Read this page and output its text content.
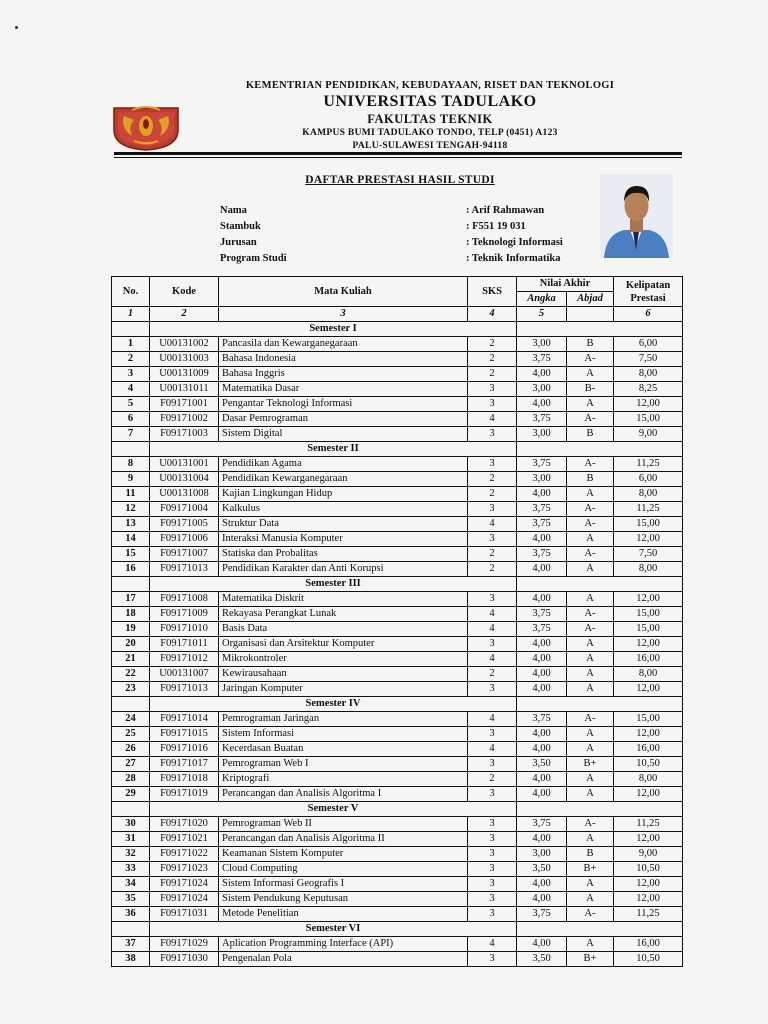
KEMENTRIAN PENDIDIKAN, KEBUDAYAAN, RISET DAN TEKNOLOGI
UNIVERSITAS TADULAKO
FAKULTAS TEKNIK
KAMPUS BUMI TADULAKO TONDO, TELP (0451) A123
PALU-SULAWESI TENGAH-94118
DAFTAR PRESTASI HASIL STUDI
Nama	: Arif Rahmawan
Stambuk	: F551 19 031
Jurusan	: Teknologi Informasi
Program Studi	: Teknik Informatika
No.	Kode	Mata Kuliah	SKS	Nilai Akhir		Kelipatan
Prestasi

				Angka	Abjad	
1	2	3	4	5		6
	Semester I					
1	U00131002	Pancasila dan Kewarganegaraan	2	3,00	B	6,00
2	U00131003	Bahasa Indonesia	2	3,75	A-	7,50
3	U00131009	Bahasa Inggris	2	4,00	A	8,00
4	U00131011	Matematika Dasar	3	3,00	B-	8,25
5	F09171001	Pengantar Teknologi Informasi	3	4,00	A	12,00
6	F09171002	Dasar Pemrograman	4	3,75	A-	15,00
7	F09171003	Sistem Digital	3	3,00	B	9,00
	Semester II					
8	U00131001	Pendidikan Agama	3	3,75	A-	11,25
9	U00131004	Pendidikan Kewarganegaraan	2	3,00	B	6,00
11	U00131008	Kajian Lingkungan Hidup	2	4,00	A	8,00
12	F09171004	Kalkulus	3	3,75	A-	11,25
13	F09171005	Struktur Data	4	3,75	A-	15,00
14	F09171006	Interaksi Manusia Komputer	3	4,00	A	12,00
15	F09171007	Statiska dan Probalitas	2	3,75	A-	7,50
16	F09171013	Pendidikan Karakter dan Anti Korupsi	2	4,00	A	8,00
	Semester III					
17	F09171008	Matematika Diskrit	3	4,00	A	12,00
18	F09171009	Rekayasa Perangkat Lunak	4	3,75	A-	15,00
19	F09171010	Basis Data	4	3,75	A-	15,00
20	F09171011	Organisasi dan Arsitektur Komputer	3	4,00	A	12,00
21	F09171012	Mikrokontroler	4	4,00	A	16,00
22	U00131007	Kewirausahaan	2	4,00	A	8,00
23	F09171013	Jaringan Komputer	3	4,00	A	12,00
	Semester IV					
24	F09171014	Pemrograman Jaringan	4	3,75	A-	15,00
25	F09171015	Sistem Informasi	3	4,00	A	12,00
26	F09171016	Kecerdasan Buatan	4	4,00	A	16,00
27	F09171017	Pemrograman Web I	3	3,50	B+	10,50
28	F09171018	Kriptografi	2	4,00	A	8,00
29	F09171019	Perancangan dan Analisis Algoritma I	3	4,00	A	12,00
	Semester V					
30	F09171020	Pemrograman Web II	3	3,75	A-	11,25
31	F09171021	Perancangan dan Analisis Algoritma II	3	4,00	A	12,00
32	F09171022	Keamanan Sistem Komputer	3	3,00	B	9,00
33	F09171023	Cloud Computing	3	3,50	B+	10,50
34	F09171024	Sistem Informasi Geografis I	3	4,00	A	12,00
35	F09171024	Sistem Pendukung Keputusan	3	4,00	A	12,00
36	F09171031	Metode Penelitian	3	3,75	A-	11,25
	Semester VI					
37	F09171029	Aplication Programming Interface (API)	4	4,00	A	16,00
38	F09171030	Pengenalan Pola	3	3,50	B+	10,50
